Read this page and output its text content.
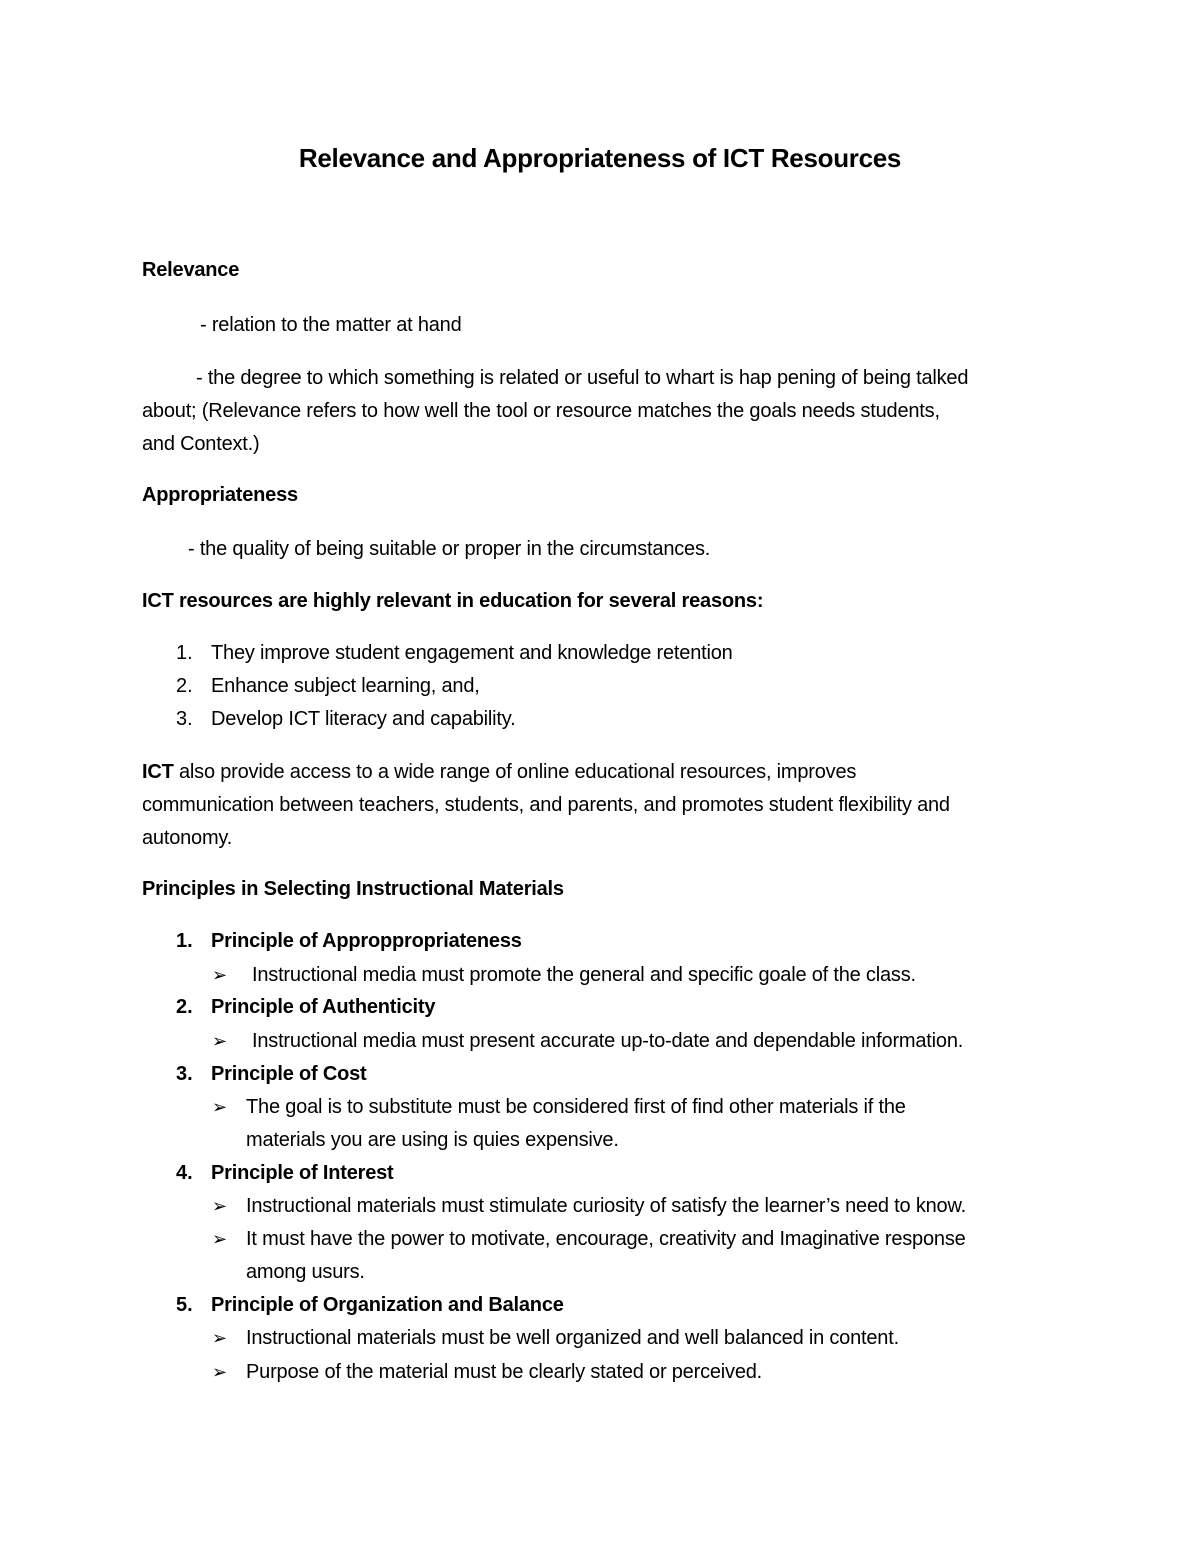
Relevance and Appropriateness of ICT Resources
Relevance
- relation to the matter at hand
- the degree to which something is related or useful to whart is hap pening of being talked
about; (Relevance refers to how well the tool or resource matches the goals needs students,
and Context.)
Appropriateness
- the quality of being suitable or proper in the circumstances.
ICT resources are highly relevant in education for several reasons:
1. They improve student engagement and knowledge retention
2. Enhance subject learning, and,
3. Develop ICT literacy and capability.
ICT also provide access to a wide range of online educational resources, improves
communication between teachers, students, and parents, and promotes student flexibility and
autonomy.
Principles in Selecting Instructional Materials
1. Principle of Approppropriateness
➢ Instructional media must promote the general and specific goale of the class.
2. Principle of Authenticity
➢ Instructional media must present accurate up-to-date and dependable information.
3. Principle of Cost
➢ The goal is to substitute must be considered first of find other materials if the
materials you are using is quies expensive.
4. Principle of Interest
➢ Instructional materials must stimulate curiosity of satisfy the learner’s need to know.
➢ It must have the power to motivate, encourage, creativity and Imaginative response
among usurs.
5. Principle of Organization and Balance
➢ Instructional materials must be well organized and well balanced in content.
➢ Purpose of the material must be clearly stated or perceived.
